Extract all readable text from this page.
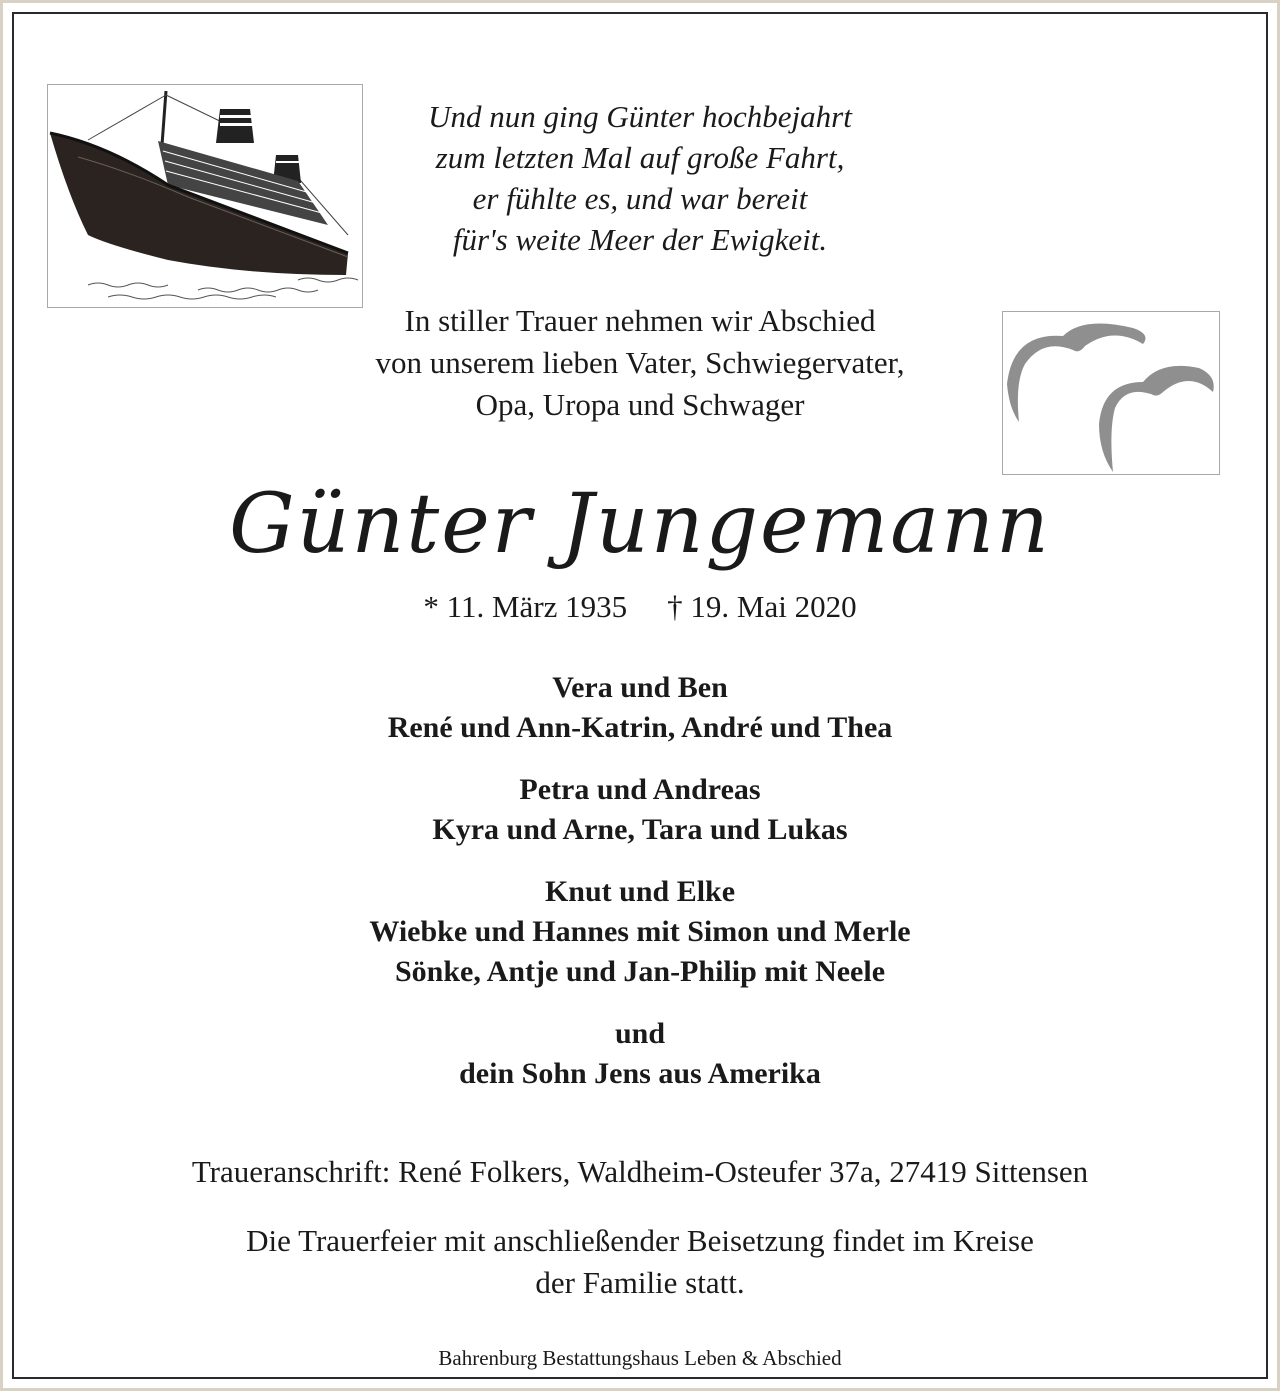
Und nun ging Günter hochbejahrt
zum letzten Mal auf große Fahrt,
er fühlte es, und war bereit
für's weite Meer der Ewigkeit.
In stiller Trauer nehmen wir Abschied
von unserem lieben Vater, Schwiegervater,
Opa, Uropa und Schwager
Günter Jungemann
* 11. März 1935 † 19. Mai 2020
Vera und Ben
René und Ann-Katrin, André und Thea
Petra und Andreas
Kyra und Arne, Tara und Lukas
Knut und Elke
Wiebke und Hannes mit Simon und Merle
Sönke, Antje und Jan-Philip mit Neele
und
dein Sohn Jens aus Amerika
Traueranschrift: René Folkers, Waldheim-Osteufer 37a, 27419 Sittensen
Die Trauerfeier mit anschließender Beisetzung findet im Kreise
der Familie statt.
Bahrenburg Bestattungshaus Leben & Abschied
